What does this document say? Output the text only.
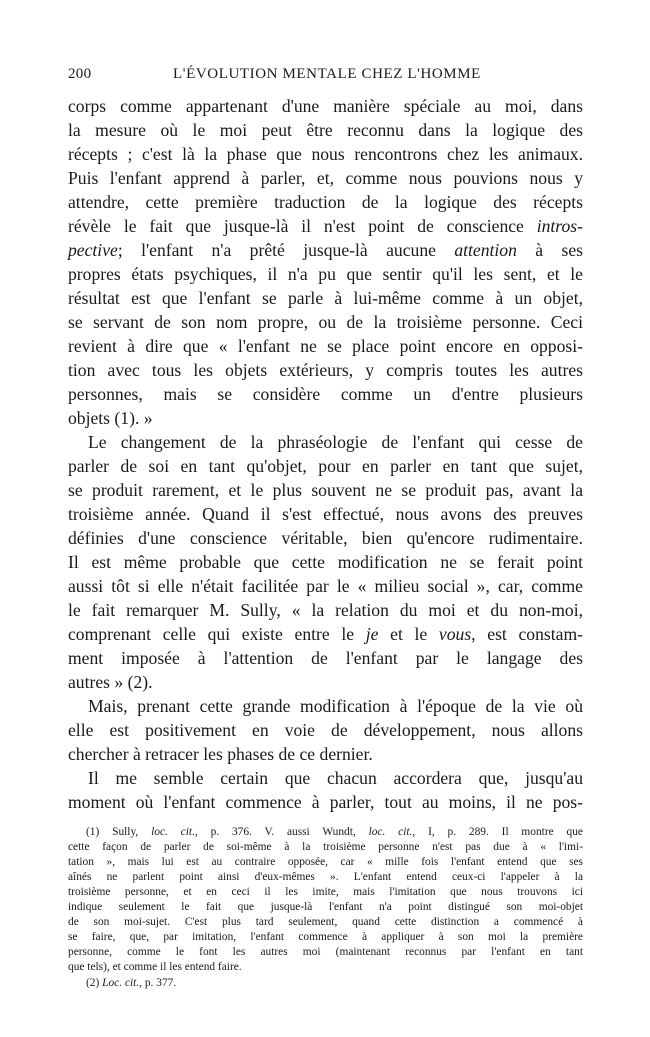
200	L'ÉVOLUTION MENTALE CHEZ L'HOMME
corps comme appartenant d'une manière spéciale au moi, dans
la mesure où le moi peut être reconnu dans la logique des
récepts ; c'est là la phase que nous rencontrons chez les animaux.
Puis l'enfant apprend à parler, et, comme nous pouvions nous y
attendre, cette première traduction de la logique des récepts
révèle le fait que jusque-là il n'est point de conscience intros-
pective; l'enfant n'a prêté jusque-là aucune attention à ses
propres états psychiques, il n'a pu que sentir qu'il les sent, et le
résultat est que l'enfant se parle à lui-même comme à un objet,
se servant de son nom propre, ou de la troisième personne. Ceci
revient à dire que « l'enfant ne se place point encore en opposi-
tion avec tous les objets extérieurs, y compris toutes les autres
personnes, mais se considère comme un d'entre plusieurs
objets (1). »
Le changement de la phraséologie de l'enfant qui cesse de
parler de soi en tant qu'objet, pour en parler en tant que sujet,
se produit rarement, et le plus souvent ne se produit pas, avant la
troisième année. Quand il s'est effectué, nous avons des preuves
définies d'une conscience véritable, bien qu'encore rudimentaire.
Il est même probable que cette modification ne se ferait point
aussi tôt si elle n'était facilitée par le « milieu social », car, comme
le fait remarquer M. Sully, « la relation du moi et du non-moi,
comprenant celle qui existe entre le je et le vous, est constam-
ment imposée à l'attention de l'enfant par le langage des
autres » (2).
Mais, prenant cette grande modification à l'époque de la vie où
elle est positivement en voie de développement, nous allons
chercher à retracer les phases de ce dernier.
Il me semble certain que chacun accordera que, jusqu'au
moment où l'enfant commence à parler, tout au moins, il ne pos-
(1) Sully, loc. cit., p. 376. V. aussi Wundt, loc. cit., I, p. 289. Il montre que
cette façon de parler de soi-même à la troisième personne n'est pas due à « l'imi-
tation », mais lui est au contraire opposée, car « mille fois l'enfant entend que ses
aînés ne parlent point ainsi d'eux-mêmes ». L'enfant entend ceux-ci l'appeler à la
troisième personne, et en ceci il les imite, mais l'imitation que nous trouvons ici
indique seulement le fait que jusque-là l'enfant n'a point distingué son moi-objet
de son moi-sujet. C'est plus tard seulement, quand cette distinction a commencé à
se faire, que, par imitation, l'enfant commence à appliquer à son moi la première
personne, comme le font les autres moi (maintenant reconnus par l'enfant en tant
que tels), et comme il les entend faire.
(2) Loc. cit., p. 377.
